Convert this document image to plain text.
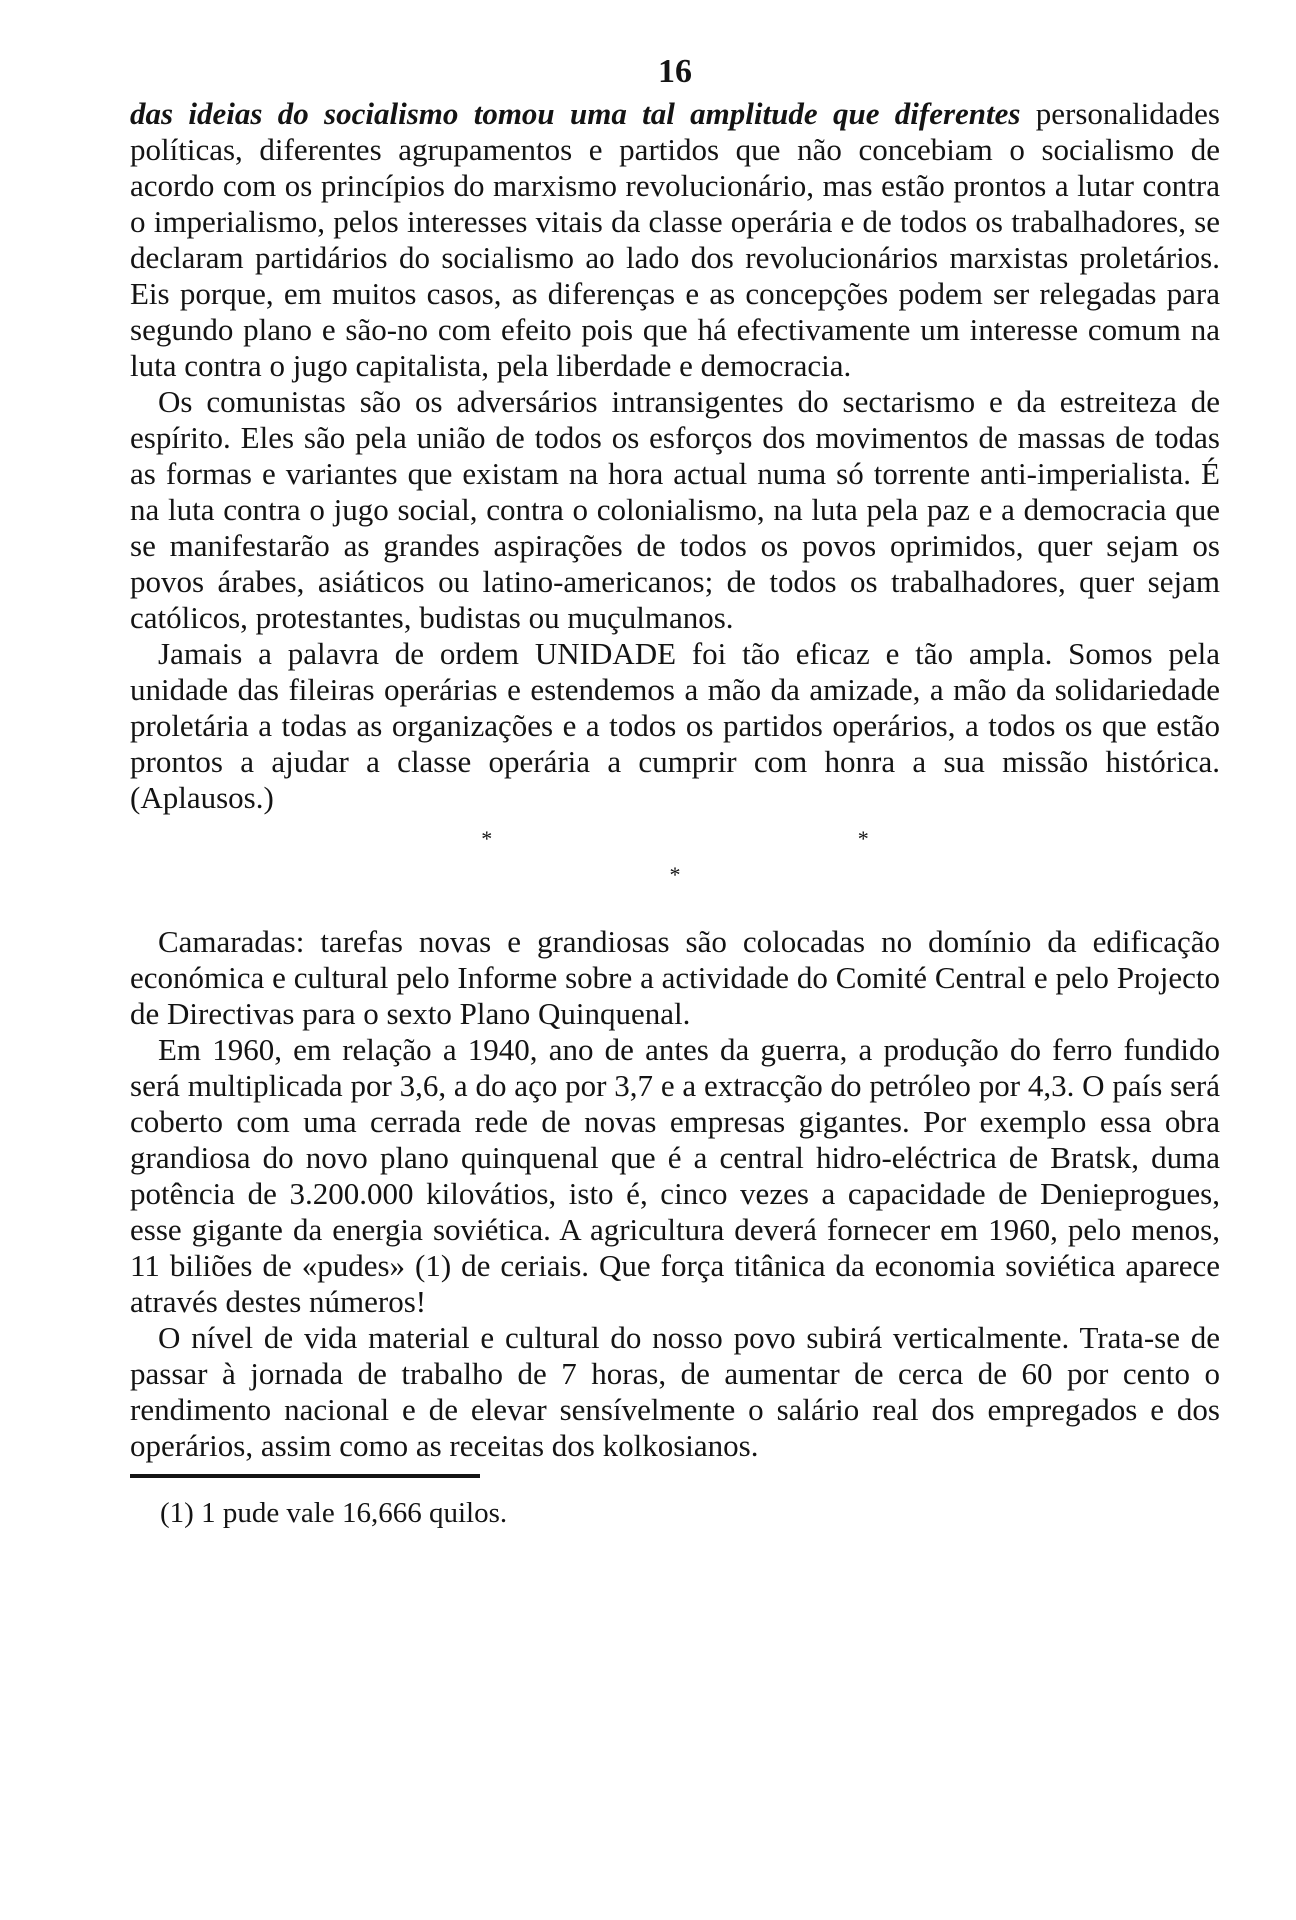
16

das ideias do socialismo tomou uma tal amplitude que diferentes personalidades políticas, diferentes agrupamentos e partidos que não concebiam o socialismo de acordo com os princípios do marxismo revolucionário, mas estão prontos a lutar contra o imperialismo, pelos interesses vitais da classe operária e de todos os trabalhadores, se declaram partidários do socialismo ao lado dos revolucionários marxistas proletários. Eis porque, em muitos casos, as diferenças e as concepções podem ser relegadas para segundo plano e são-no com efeito pois que há efectivamente um interesse comum na luta contra o jugo capitalista, pela liberdade e democracia.

Os comunistas são os adversários intransigentes do sectarismo e da estreiteza de espírito. Eles são pela união de todos os esforços dos movimentos de massas de todas as formas e variantes que existam na hora actual numa só torrente anti-imperialista. É na luta contra o jugo social, contra o colonialismo, na luta pela paz e a democracia que se manifestarão as grandes aspirações de todos os povos oprimidos, quer sejam os povos árabes, asiáticos ou latino-americanos; de todos os trabalhadores, quer sejam católicos, protestantes, budistas ou muçulmanos.

Jamais a palavra de ordem UNIDADE foi tão eficaz e tão ampla. Somos pela unidade das fileiras operárias e estendemos a mão da amizade, a mão da solidariedade proletária a todas as organizações e a todos os partidos operários, a todos os que estão prontos a ajudar a classe operária a cumprir com honra a sua missão histórica. (Aplausos.)

* *
*

Camaradas: tarefas novas e grandiosas são colocadas no domínio da edificação económica e cultural pelo Informe sobre a actividade do Comité Central e pelo Projecto de Directivas para o sexto Plano Quinquenal.

Em 1960, em relação a 1940, ano de antes da guerra, a produção do ferro fundido será multiplicada por 3,6, a do aço por 3,7 e a extracção do petróleo por 4,3. O país será coberto com uma cerrada rede de novas empresas gigantes. Por exemplo essa obra grandiosa do novo plano quinquenal que é a central hidro-eléctrica de Bratsk, duma potência de 3.200.000 kilovátios, isto é, cinco vezes a capacidade de Denieprogues, esse gigante da energia soviética. A agricultura deverá fornecer em 1960, pelo menos, 11 biliões de «pudes» (1) de ceriais. Que força titânica da economia soviética aparece através destes números!

O nível de vida material e cultural do nosso povo subirá verticalmente. Trata-se de passar à jornada de trabalho de 7 horas, de aumentar de cerca de 60 por cento o rendimento nacional e de elevar sensívelmente o salário real dos empregados e dos operários, assim como as receitas dos kolkosianos.

(1) 1 pude vale 16,666 quilos.
